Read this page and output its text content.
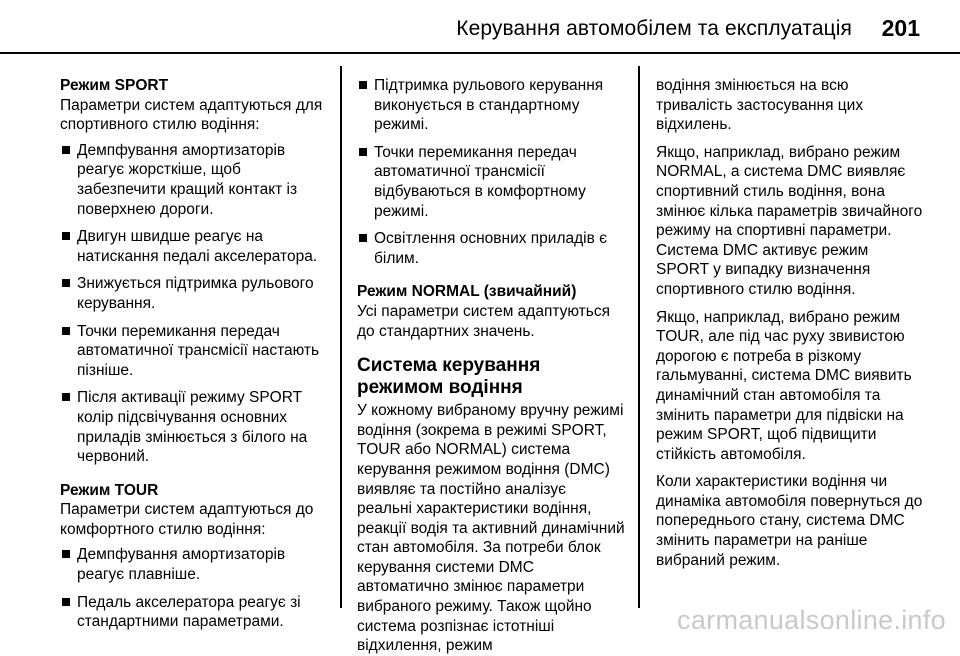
Керування автомобілем та експлуатація 201
Режим SPORT
Параметри систем адаптуються для спортивного стилю водіння:
Демпфування амортизаторів реагує жорсткіше, щоб забезпечити кращий контакт із поверхнею дороги.
Двигун швидше реагує на натискання педалі акселератора.
Знижується підтримка рульового керування.
Точки перемикання передач автоматичної трансмісії настають пізніше.
Після активації режиму SPORT колір підсвічування основних приладів змінюється з білого на червоний.
Режим TOUR
Параметри систем адаптуються до комфортного стилю водіння:
Демпфування амортизаторів реагує плавніше.
Педаль акселератора реагує зі стандартними параметрами.
Підтримка рульового керування виконується в стандартному режимі.
Точки перемикання передач автоматичної трансмісії відбуваються в комфортному режимі.
Освітлення основних приладів є білим.
Режим NORMAL (звичайний)
Усі параметри систем адаптуються до стандартних значень.
Система керування режимом водіння
У кожному вибраному вручну режимі водіння (зокрема в режимі SPORT, TOUR або NORMAL) система керування режимом водіння (DMC) виявляє та постійно аналізує реальні характеристики водіння, реакції водія та активний динамічний стан автомобіля. За потреби блок керування системи DMC автоматично змінює параметри вибраного режиму. Також щойно система розпізнає істотніші відхилення, режим

водіння змінюється на всю тривалість застосування цих відхилень.

Якщо, наприклад, вибрано режим NORMAL, а система DMC виявляє спортивний стиль водіння, вона змінює кілька параметрів звичайного режиму на спортивні параметри. Система DMC активує режим SPORT у випадку визначення спортивного стилю водіння.

Якщо, наприклад, вибрано режим TOUR, але під час руху звивистою дорогою є потреба в різкому гальмуванні, система DMC виявить динамічний стан автомобіля та змінить параметри для підвіски на режим SPORT, щоб підвищити стійкість автомобіля.

Коли характеристики водіння чи динаміка автомобіля повернуться до попереднього стану, система DMC змінить параметри на раніше вибраний режим.

carmanualsonline.info
